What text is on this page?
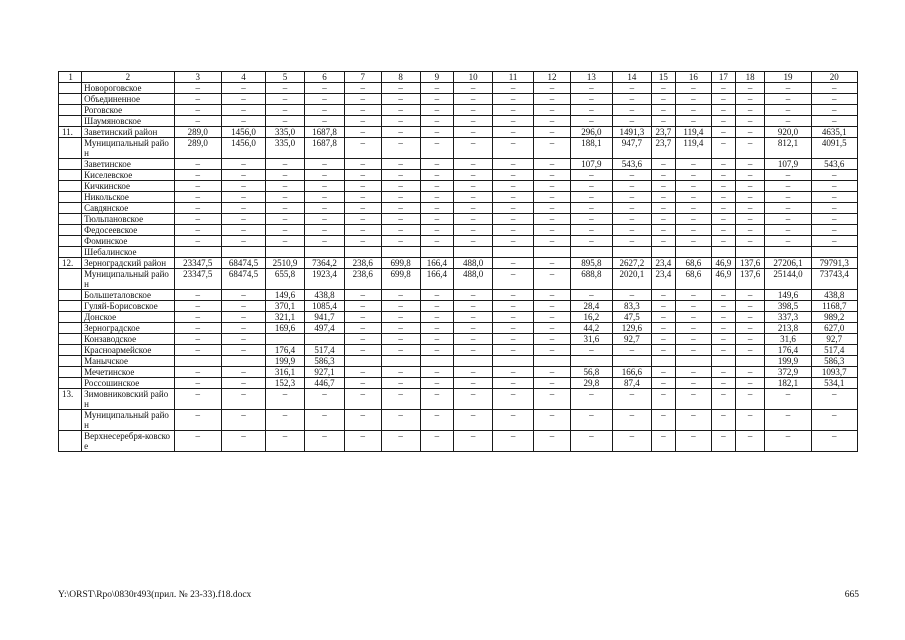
1	2	3	4	5	6	7	8	9	10	11	12	13	14	15	16	17	18	19	20
	Новороговское	–	–	–	–	–	–	–	–	–	–	–	–	–	–	–	–	–	–
	Объединенное	–	–	–	–	–	–	–	–	–	–	–	–	–	–	–	–	–	–
	Роговское	–	–	–	–	–	–	–	–	–	–	–	–	–	–	–	–	–	–
	Шаумяновское	–	–	–	–	–	–	–	–	–	–	–	–	–	–	–	–	–	–
11.	Заветинский район	289,0	1456,0	335,0	1687,8	–	–	–	–	–	–	296,0	1491,3	23,7	119,4	–	–	920,0	4635,1
	Муниципальный район	289,0	1456,0	335,0	1687,8	–	–	–	–	–	–	188,1	947,7	23,7	119,4	–	–	812,1	4091,5
	Заветинское	–	–	–	–	–	–	–	–	–	–	107,9	543,6	–	–	–	–	107,9	543,6
	Киселевское	–	–	–	–	–	–	–	–	–	–	–	–	–	–	–	–	–	–
	Кичкинское	–	–	–	–	–	–	–	–	–	–	–	–	–	–	–	–	–	–
	Никольское	–	–	–	–	–	–	–	–	–	–	–	–	–	–	–	–	–	–
	Савдянское	–	–	–	–	–	–	–	–	–	–	–	–	–	–	–	–	–	–
	Тюльпановское	–	–	–	–	–	–	–	–	–	–	–	–	–	–	–	–	–	–
	Федосеевское	–	–	–	–	–	–	–	–	–	–	–	–	–	–	–	–	–	–
	Фоминское	–	–	–	–	–	–	–	–	–	–	–	–	–	–	–	–	–	–
	Шебалинское																		
12.	Зерноградский район	23347,5	68474,5	2510,9	7364,2	238,6	699,8	166,4	488,0	–	–	895,8	2627,2	23,4	68,6	46,9	137,6	27206,1	79791,3
	Муниципальный район	23347,5	68474,5	655,8	1923,4	238,6	699,8	166,4	488,0	–	–	688,8	2020,1	23,4	68,6	46,9	137,6	25144,0	73743,4
	Большеталовское	–	–	149,6	438,8	–	–	–	–	–	–	–	–	–	–	–	–	149,6	438,8
	Гуляй-Борисовское	–	–	370,1	1085,4	–	–	–	–	–	–	28,4	83,3	–	–	–	–	398,5	1168,7
	Донское	–	–	321,1	941,7	–	–	–	–	–	–	16,2	47,5	–	–	–	–	337,3	989,2
	Зерноградское	–	–	169,6	497,4	–	–	–	–	–	–	44,2	129,6	–	–	–	–	213,8	627,0
	Конзаводское	–	–			–	–	–	–	–	–	31,6	92,7	–	–	–	–	31,6	92,7
	Красноармейское	–	–	176,4	517,4	–	–	–	–	–	–	–	–	–	–	–	–	176,4	517,4
	Манычское			199,9	586,3													199,9	586,3
	Мечетинское	–	–	316,1	927,1	–	–	–	–	–	–	56,8	166,6	–	–	–	–	372,9	1093,7
	Россошинское	–	–	152,3	446,7	–	–	–	–	–	–	29,8	87,4	–	–	–	–	182,1	534,1
13.	Зимовниковский район	–	–	–	–	–	–	–	–	–	–	–	–	–	–	–	–	–	–
	Муниципальный район	–	–	–	–	–	–	–	–	–	–	–	–	–	–	–	–	–	–
	Верхнесеребря-ковское	–	–	–	–	–	–	–	–	–	–	–	–	–	–	–	–	–	–
Y:\ORST\Rpo\0830r493(прил. № 23-33).f18.docx	665
